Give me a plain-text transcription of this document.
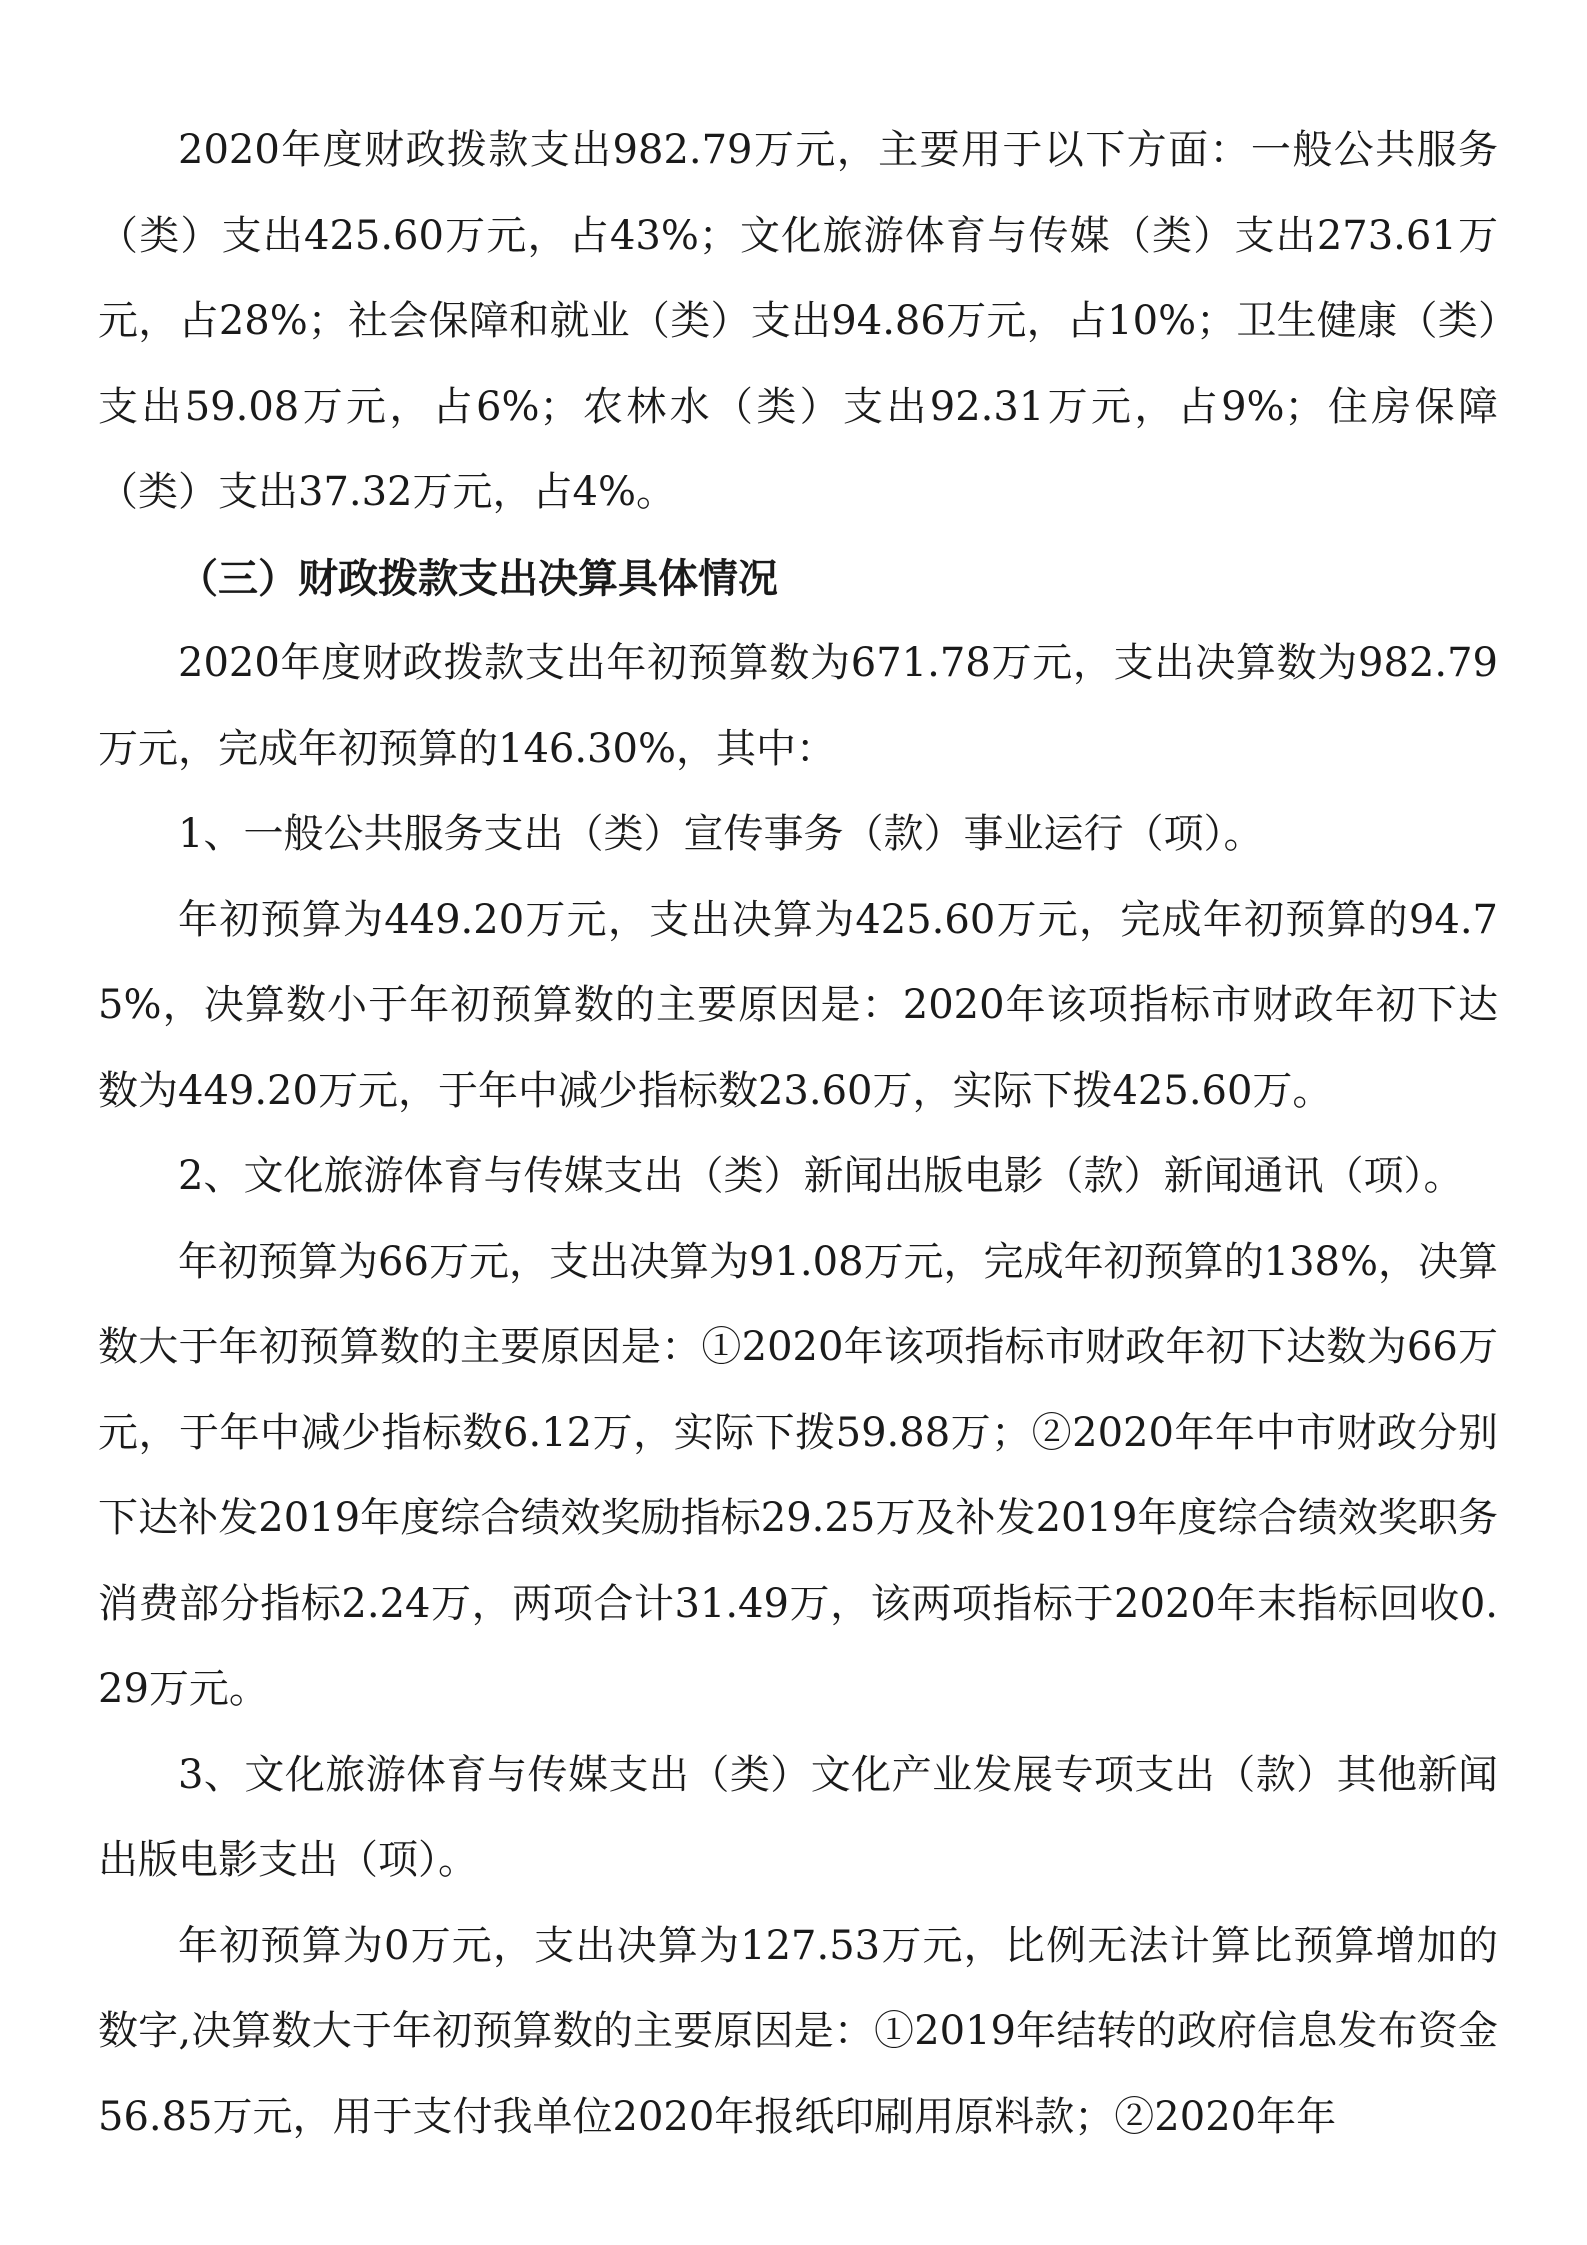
2020年度财政拨款支出982.79万元，主要用于以下方面：一般公共服务（类）支出425.60万元，占43%；文化旅游体育与传媒（类）支出273.61万元，占28%；社会保障和就业（类）支出94.86万元，占10%；卫生健康（类）支出59.08万元，占6%；农林水（类）支出92.31万元，占9%；住房保障（类）支出37.32万元，占4%。

（三）财政拨款支出决算具体情况

2020年度财政拨款支出年初预算数为671.78万元，支出决算数为982.79万元，完成年初预算的146.30%，其中：

1、一般公共服务支出（类）宣传事务（款）事业运行（项）。

年初预算为449.20万元，支出决算为425.60万元，完成年初预算的94.75%，决算数小于年初预算数的主要原因是：2020年该项指标市财政年初下达数为449.20万元，于年中减少指标数23.60万，实际下拨425.60万。

2、文化旅游体育与传媒支出（类）新闻出版电影（款）新闻通讯（项）。

年初预算为66万元，支出决算为91.08万元，完成年初预算的138%，决算数大于年初预算数的主要原因是：①2020年该项指标市财政年初下达数为66万元，于年中减少指标数6.12万，实际下拨59.88万；②2020年年中市财政分别下达补发2019年度综合绩效奖励指标29.25万及补发2019年度综合绩效奖职务消费部分指标2.24万，两项合计31.49万，该两项指标于2020年末指标回收0.29万元。

3、文化旅游体育与传媒支出（类）文化产业发展专项支出（款）其他新闻出版电影支出（项）。

年初预算为0万元，支出决算为127.53万元，比例无法计算比预算增加的数字,决算数大于年初预算数的主要原因是：①2019年结转的政府信息发布资金56.85万元，用于支付我单位2020年报纸印刷用原料款；②2020年年
